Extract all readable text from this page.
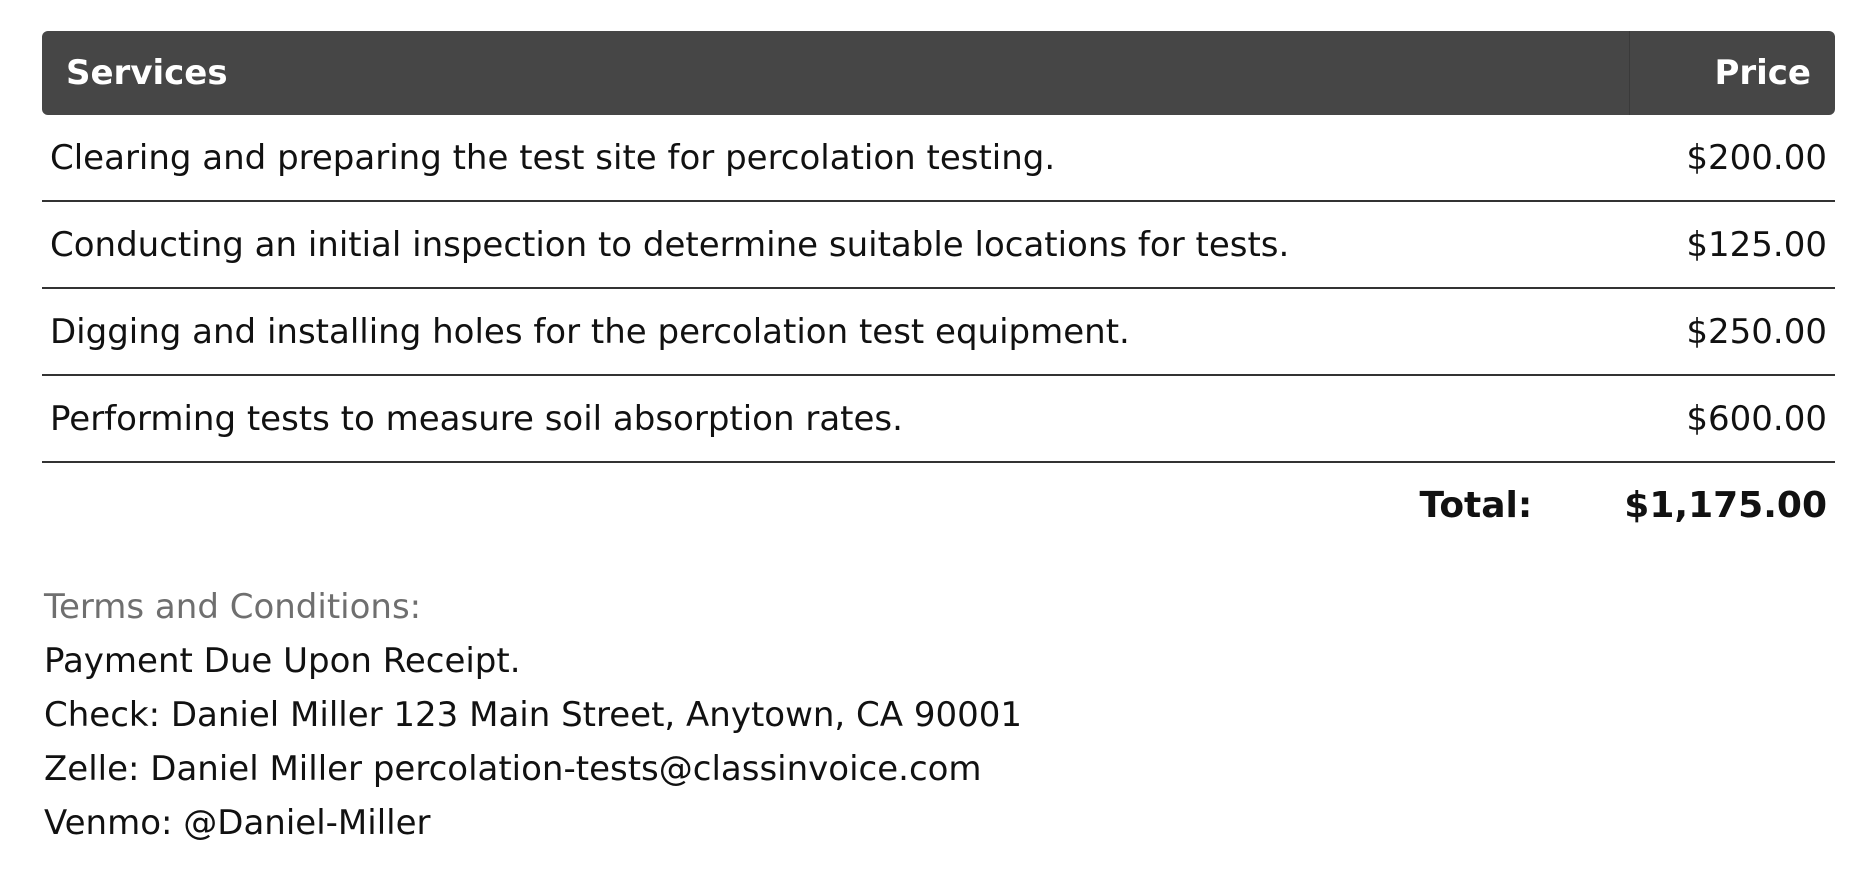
Services	Price
Clearing and preparing the test site for percolation testing.	$200.00
Conducting an initial inspection to determine suitable locations for tests.	$125.00
Digging and installing holes for the percolation test equipment.	$250.00
Performing tests to measure soil absorption rates.	$600.00
Total:	$1,175.00
Terms and Conditions:
Payment Due Upon Receipt.
Check: Daniel Miller 123 Main Street, Anytown, CA 90001
Zelle: Daniel Miller percolation-tests@classinvoice.com
Venmo: @Daniel-Miller
